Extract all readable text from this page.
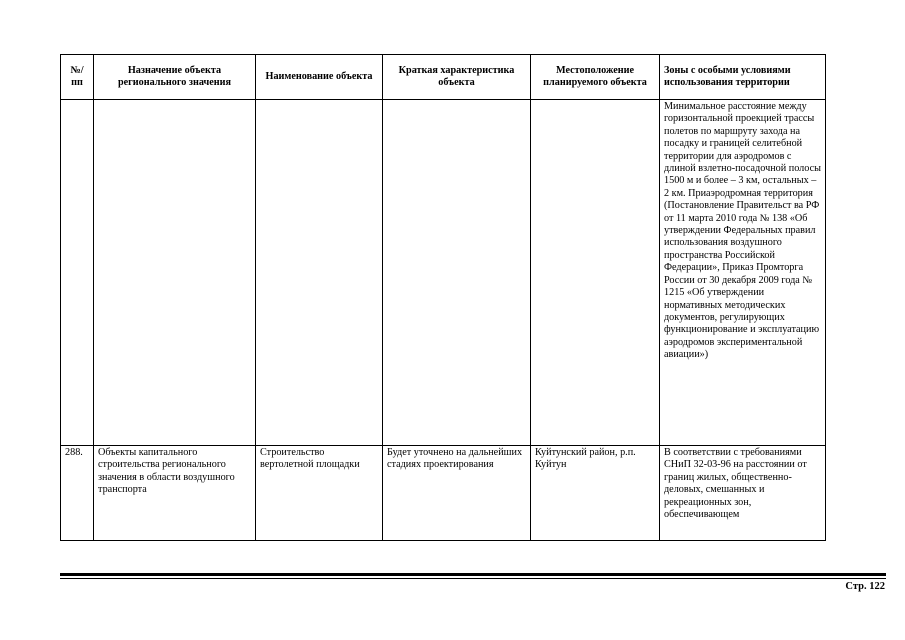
№/ пп	Назначение объекта регионального значения	Наименование объекта	Краткая характеристика объекта	Местоположение планируемого объекта	Зоны с особыми условиями использования территории
					Минимальное расстояние между горизонтальной проекцией трассы полетов по маршруту захода на посадку и границей селитебной территории для аэродромов с длиной взлетно-посадочной полосы 1500 м и более – 3 км, остальных – 2 км. Приаэродромная территория (Постановление Правительст ва РФ от 11 марта 2010 года № 138 «Об утверждении Федеральных правил использования воздушного пространства Российской Федерации», Приказ Промторга России от 30 декабря 2009 года № 1215 «Об утверждении нормативных методических документов, регулирующих функционирование и эксплуатацию аэродромов экспериментальной авиации»)
288.	Объекты капитального строительства регионального значения в области воздушного транспорта	Строительство вертолетной площадки	Будет уточнено на дальнейших стадиях проектирования	Куйтунский район, р.п. Куйтун	В соответствии с требованиями СНиП 32-03-96 на расстоянии от границ жилых, общественно-деловых, смешанных и рекреационных зон, обеспечивающем
Стр. 122
